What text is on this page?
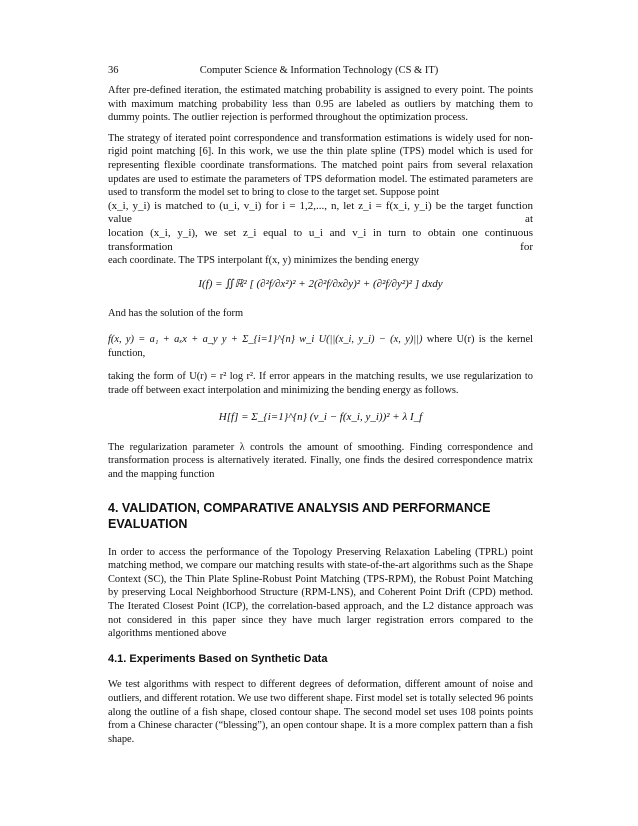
36	Computer Science & Information Technology (CS & IT)

After pre-defined iteration, the estimated matching probability is assigned to every point. The points with maximum matching probability less than 0.95 are labeled as outliers by matching them to dummy points. The outlier rejection is performed throughout the optimization process.

The strategy of iterated point correspondence and transformation estimations is widely used for non-rigid point matching [6]. In this work, we use the thin plate spline (TPS) model which is used for representing flexible coordinate transformations. The matched point pairs from several relaxation updates are used to estimate the parameters of TPS deformation model. The estimated parameters are used to transform the model set to bring to close to the target set. Suppose point

(x_i, y_i) is matched to (u_i, v_i) for i = 1,2,..., n, let z_i = f(x_i, y_i) be the target function value at

location (x_i, y_i), we set z_i equal to u_i and v_i in turn to obtain one continuous transformation for

each coordinate. The TPS interpolant f(x, y) minimizes the bending energy

I(f) = ∬ℝ² [ (∂²f/∂x²)² + 2(∂²f/∂x∂y)² + (∂²f/∂y²)² ] dxdy

And has the solution of the form

f(x, y) = a₁ + aₓx + a_y y + Σ_{i=1}^{n} w_i U(||(x_i, y_i) − (x, y)||) where U(r) is the kernel function,

taking the form of U(r) = r² log r². If error appears in the matching results, we use regularization to trade off between exact interpolation and minimizing the bending energy as follows.

H[f] = Σ_{i=1}^{n} (v_i − f(x_i, y_i))² + λ I_f

The regularization parameter λ controls the amount of smoothing. Finding correspondence and transformation process is alternatively iterated. Finally, one finds the desired correspondence matrix and the mapping function

4. VALIDATION, COMPARATIVE ANALYSIS AND PERFORMANCE EVALUATION

In order to access the performance of the Topology Preserving Relaxation Labeling (TPRL) point matching method, we compare our matching results with state-of-the-art algorithms such as the Shape Context (SC), the Thin Plate Spline-Robust Point Matching (TPS-RPM), the Robust Point Matching by preserving Local Neighborhood Structure (RPM-LNS), and Coherent Point Drift (CPD) method. The Iterated Closest Point (ICP), the correlation-based approach, and the L2 distance approach was not considered in this paper since they have much larger registration errors compared to the algorithms mentioned above

4.1. Experiments Based on Synthetic Data

We test algorithms with respect to different degrees of deformation, different amount of noise and outliers, and different rotation. We use two different shape. First model set is totally selected 96 points along the outline of a fish shape, closed contour shape. The second model set uses 108 points points from a Chinese character (“blessing”), an open contour shape. It is a more complex pattern than a fish shape.
